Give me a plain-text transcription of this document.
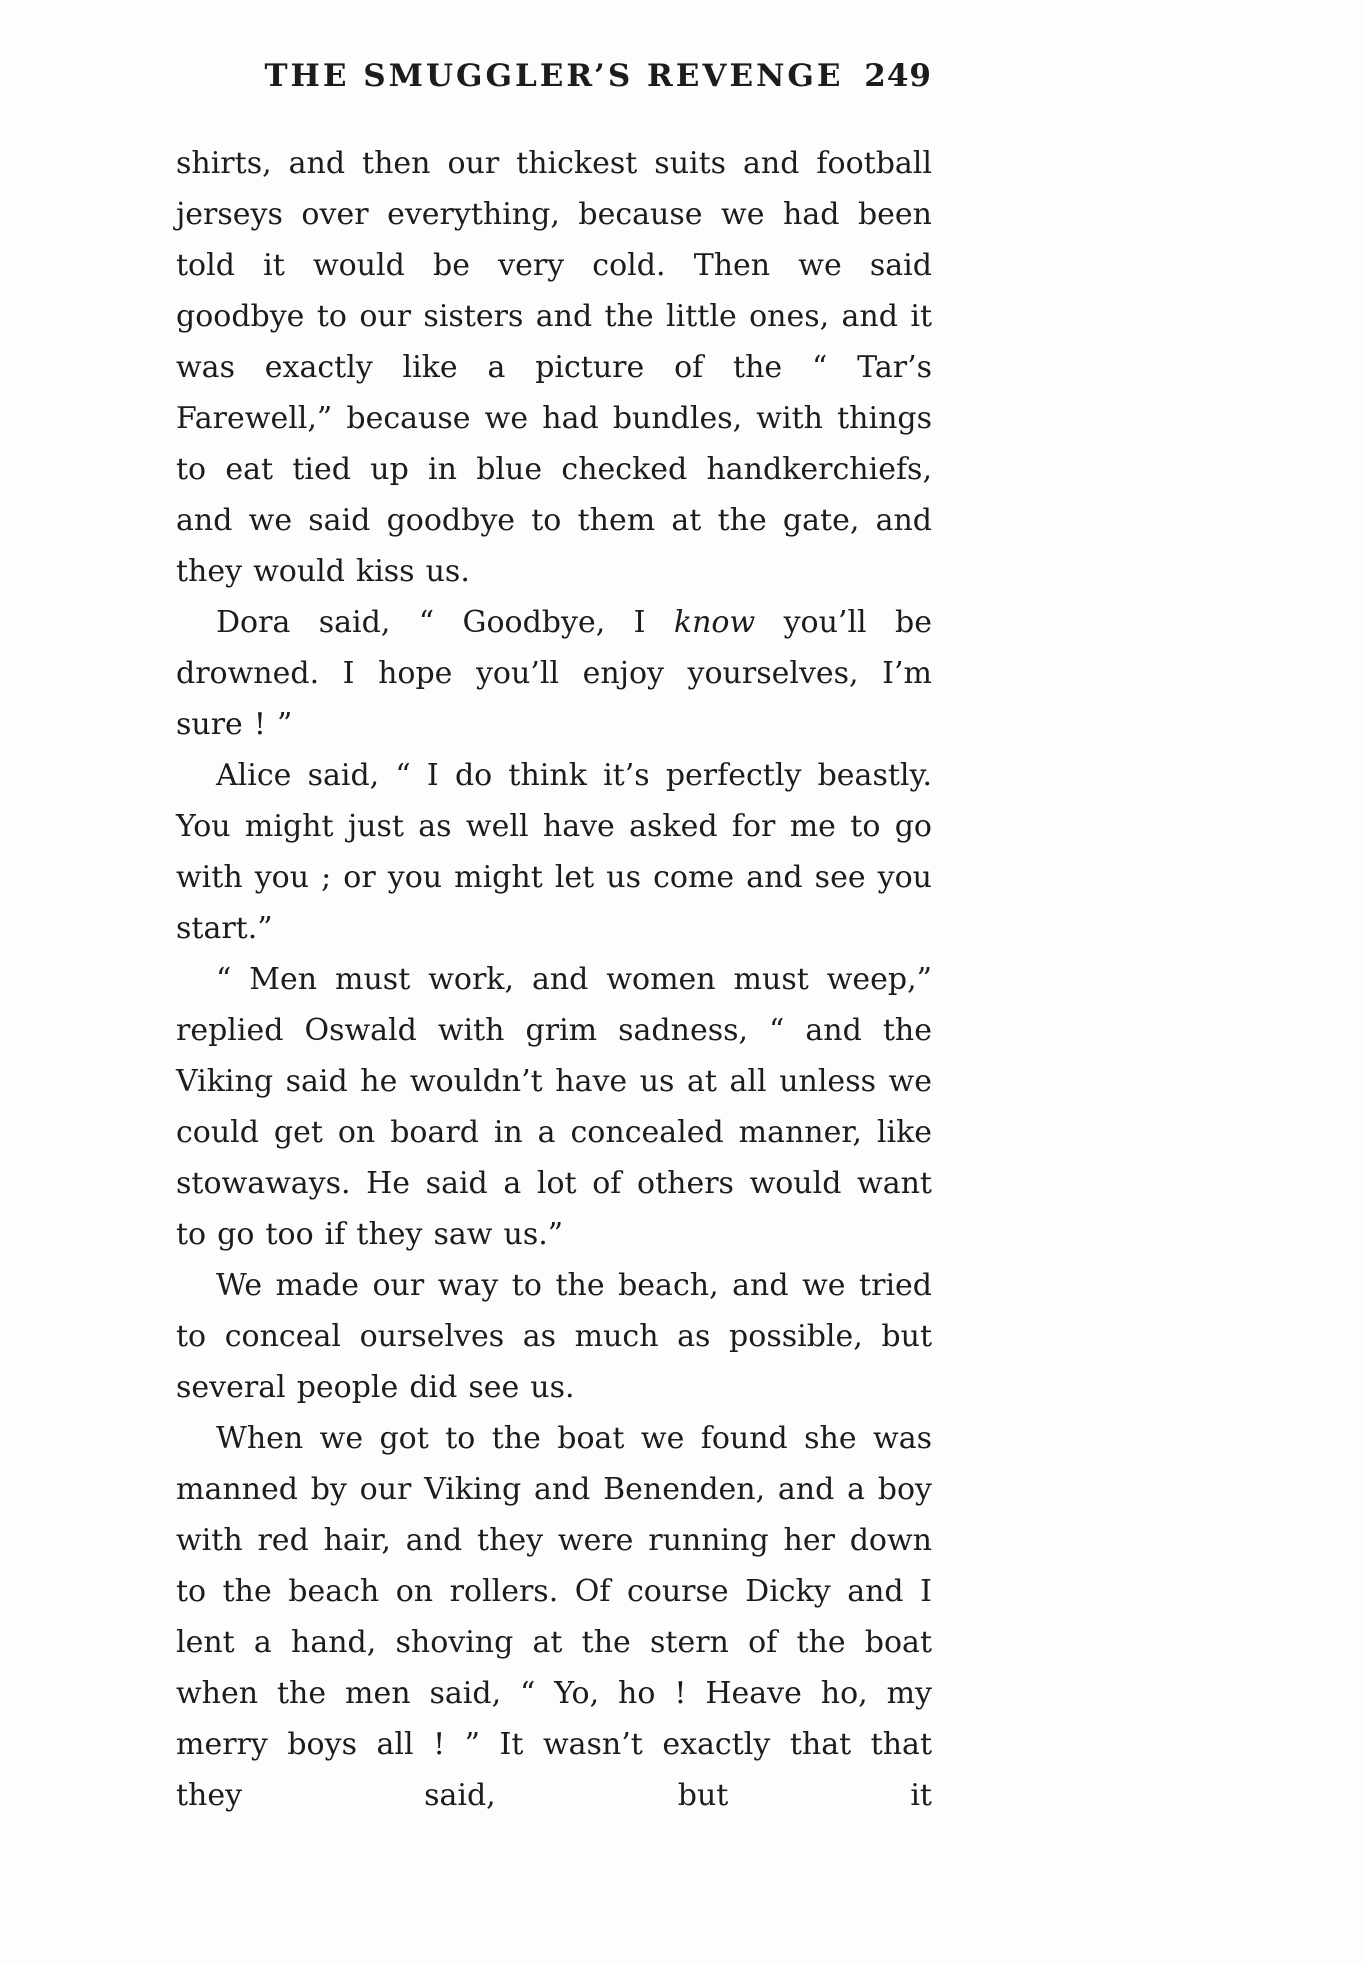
THE SMUGGLER’S REVENGE 249

shirts, and then our thickest suits and football jerseys over everything, because we had been told it would be very cold. Then we said goodbye to our sisters and the little ones, and it was exactly like a picture of the “ Tar’s Farewell,” because we had bundles, with things to eat tied up in blue checked handkerchiefs, and we said goodbye to them at the gate, and they would kiss us.

Dora said, “ Goodbye, I know you’ll be drowned. I hope you’ll enjoy yourselves, I’m sure ! ”

Alice said, “ I do think it’s perfectly beastly. You might just as well have asked for me to go with you ; or you might let us come and see you start.”

“ Men must work, and women must weep,” replied Oswald with grim sadness, “ and the Viking said he wouldn’t have us at all unless we could get on board in a concealed manner, like stowaways. He said a lot of others would want to go too if they saw us.”

We made our way to the beach, and we tried to conceal ourselves as much as possible, but several people did see us.

When we got to the boat we found she was manned by our Viking and Benenden, and a boy with red hair, and they were running her down to the beach on rollers. Of course Dicky and I lent a hand, shoving at the stern of the boat when the men said, “ Yo, ho ! Heave ho, my merry boys all ! ” It wasn’t exactly that that they said, but it
